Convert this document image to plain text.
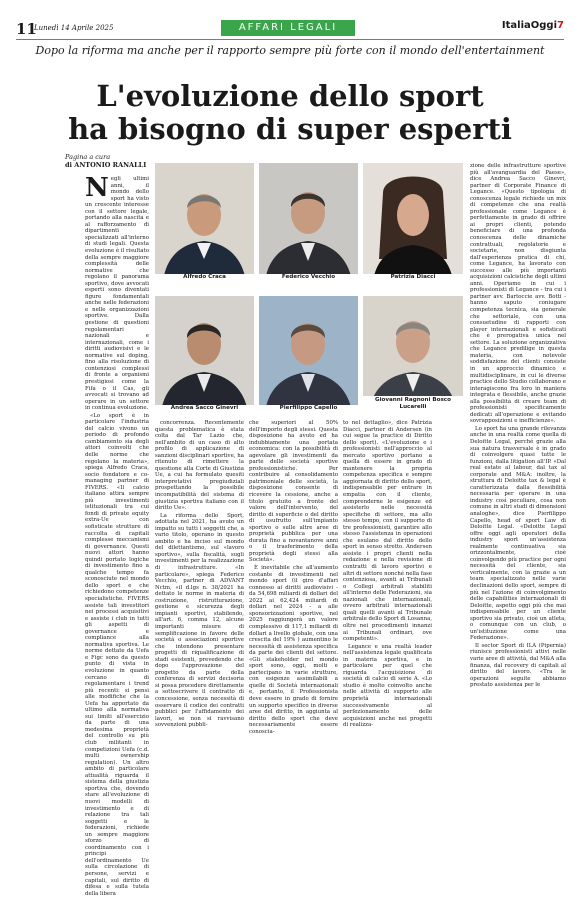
11
Lunedì 14 Aprile 2025	AFFARI LEGALI	ItaliaOggi7
Dopo la riforma ma anche per il rapporto sempre più forte con il mondo dell'entertainment
L'evoluzione dello sport
ha bisogno di super esperti
Pagina a cura
di ANTONIO RANALLI
N egli ultimi anni, il mondo dello sport ha visto un crescente interesse con il settore legale, portando alla nascita e al rafforzamento di dipartimenti specializzati all'interno di studi legali. Questa evoluzione è il risultato della sempre maggiore complessità delle normative che regolano il panorama sportivo, dove avvocati esperti sono diventati figure fondamentali anche nelle federazioni e nelle organizzazioni sportive. Dalla gestione di questioni regolamentari nazionali e internazionali, come i diritti audiovisivi e le normative sul doping, fino alla risoluzione di contenziosi complessi di fronte a organismi prestigiosi come la Fifa o il Cas, gli avvocati si trovano ad operare in un settore in continua evoluzione.

«Lo sport è in particolare l'industria del calcio vivono un periodo di profondo cambiamento sia degli attori coinvolti che delle norme che regolano la materia», spiega Alfredo Craca, socio fondatore e co-managing partner di FIVERS. «Il calcio italiano attira sempre più investimenti istituzionali tra cui fondi di private equity extra-Ue con sofisticate strutture di raccolta di capitali complesse meccanismi di governance. Questi nuovi attori hanno quindi portato logiche di investimento fino a qualche tempo fa sconosciute nel mondo dello sport e che richiedono competenze specialistiche. FIVERS assiste tali investitori nei processi acquisitivi e assiste i club in tutti gli aspetti di governance e compliance alla normativa sportiva. Le norme dettate da Uefa e Figc sono da questo punto di vista in evoluzione in quanto cercano di regolamentare i trend più recenti: si pensi alle modifiche che la Uefa ha apportato da ultimo alla normativa sui limiti all'esercizio da parte di una medesima proprietà del controllo su più club militanti in competizioni Uefa (c.d. multi ownership regulation). Un altro ambito di particolare attualità riguarda il sistema della giustizia sportiva che, dovendo stare all'evoluzione di nuovi modelli di investimento e di relazione tra tali soggetti e le federazioni, richiede un sempre maggiore sforzo di coordinamento con i principi dell'ordinamento Ue sulla circolazione di persone, servizi e capitali, sul diritto di difesa e sulla tutela della libera

Alfredo Craca	Federico Vecchio	Patrizia Diacci
Andrea Sacco Ginevri	Pierfilippo Capello
Giovanni Ragnoni Bosco Lucarelli

concorrenza. Recentemente questa problematica è stata colta dal Tar Lazio che, nell'ambito di un caso di alto profilo di applicazione di sanzioni disciplinari sportive, ha ritenuto di rimettere la questione alla Corte di Giustizia Ue, a cui ha formulato quesiti interpretativi pregiudiziali prospettando la possibile incompatibilità del sistema di giustizia sportiva italiano con il diritto Ue».

La riforma dello Sport, adottata nel 2021, ha avuto un impatto su tutti i soggetti che, a vario titolo, operano in questo ambito e ha inciso sul mondo del dilettantismo, sul «lavoro sportivo», sulla fiscalità, sugli investimenti per la realizzazione di infrastrutture. «In particolare», spiega Federico Vecchio, partner di ADVANT Nctm, «il d.lgs n. 38/2021 ha dettato le norme in materia di costruzione, ristrutturazione, gestione e sicurezza degli impianti sportivi, stabilendo, all'art. 6, comma 12, alcune importanti misure di semplificazione in favore delle società o associazioni sportive che intendono presentare progetti di riqualificazione di stadi esistenti, prevedendo che dopo l'approvazione del progetto da parte della conferenza di servizi decisoria si possa procedere direttamente a sottoscrivere il contratto di concessione, senza necessità di osservare il codice dei contratti pubblici per l'affidamento dei lavori, se non si ravvisano sovvenzioni pubbli-

che superiori al 50% dell'importo degli stessi. Questa disposizione ha avuto ed ha indubbiamente una portata economica: con la possibilità di agevolare gli investimenti da parte delle società sportive professionistiche. Per contribuire al consolidamento patrimoniale delle società, la disposizione consente di ricevere la cessione, anche a titolo gratuito a fronte del valore dell'intervento, del diritto di superficie o del diritto di usufrutto sull'impianto sportivo o sulle altre aree di proprietà pubblica per una durata fino a novantanove anni o il trasferimento della proprietà degli stessi alla Società».

È inevitabile che all'aumento costante di investimenti nel mondo sport (il giro d'affari connesso ai diritti audiovisivi - da 54,698 miliardi di dollari del 2022 ai 62,424 miliardi di dollari nel 2024 - a alle sponsorizzazioni sportive, nel 2025 raggiungerà un valore complessivo di 117,1 miliardi di dollari a livello globale, con una crescita del 19% ) aumentino le necessità di assistenza specifica da parte dei clienti del settore. «Gli stakeholder nel mondo sport sono, oggi, molti e partecipano in varie strutture, con esigenze assimilabili a quelle di Società internazionali e, pertanto, il Professionista deve essere in grado di fornire un supporto specifico in diverse aree del diritto, in aggiunta al diritto dello sport che deve necessariamente essere conoscia-

to nel dettaglio», dice Patrizia Diacci, partner di Andersen (in cui segue la practice di Diritto dello sport). «L'evoluzione e i professionisti nell'approccio al mercato sportivo portano a quella di essere in grado di mantenere la propria competenza specifica e sempre aggiornata di diritto dello sport, indispensabile per entrare in empatia con il cliente, comprenderne le esigenze ed assisterlo nelle necessità specifiche di settore, ma allo stesso tempo, con il supporto di tre professionisti, garantire allo stesso l'assistenza in operazioni che esulano dal diritto dello sport in senso stretto. Andersen assiste i propri clienti nella redazione e nella revisione di contratti di lavoro sportivi e altri di settore nonché nella fase contenziosa, avanti ai Tribunali o Collegi arbitrali stabiliti all'interno delle Federazioni, sia nazionali che internazionali, ovvero arbitrati internazionali quali quelli avanti al Tribunale arbitrale dello Sport di Losanna, oltre nei procedimenti innanzi ai Tribunali ordinari, ove competenti».

Legance e una realtà leader nell'assistenza legale qualificata in materia sportiva, e in particolare per quel che riguarda l'acquisizione di società di calcio di serie A. «Lo studio è molto coinvolto anche nelle attività di supporto alle proprietà internazionali successivamente al perfezionamento delle acquisizioni anche nei progetti di realizza-

zione delle infrastrutture sportive più all'avanguardia del Paese», dice Andrea Sacco Ginevri, partner di Corporate Finance di Legance. «Questo tipologia di conoscenza legale richiede un mix di competenze che una realtà professionale come Legance è perfettamente in grado di offrire ai propri clienti, potendo beneficiare di una profonda conoscenza delle dinamiche contrattuali, regolatorie e societarie, non disgiunta dall'esperienza pratica di chi, come Legance, ha lavorato con successo alle più importanti acquisizioni calcistiche degli ultimi anni. Operiamo in cui i professionisti di Legance - tra cui i partner avv. Bartoccie avv. Botti - hanno saputo coniugare competenza tecnica, sia generale che settoriale, con una consuetudine di rapporti con player internazionali e sofisticati che è prerogativa unica nel settore. La soluzione organizzativa che Legance predilige in questa materia, con notevole soddisfazione dei clienti consiste in un approccio dinamico e multidisciplinare, in cui le diverse practice dello Studio collaborano e interagiscono fra loro in maniera integrata e flessibile, anche grazie alla possibilità di creare team di professionisti specificamente dedicati all'operazione e evitando sovrapposizioni e inefficienze».

Lo sport ha una grande rilevanza anche in una realtà come quella di Deloitte Legal, perché grazie alla sua natura trasversale è in grado di coinvolgere quasi tutte le funzioni, dalla litigation all'IP. «Dal real estate al labour, dal tax al corporate and M&A: inoltre, la struttura di Deloitte tax & legal è caratterizzata dalla flessibilità necessaria per operare in una industry così peculiare, cosa non comune in altri studi di dimensioni analoghe», dice Pierfilippo Capello, head of sport Law di Deloitte Legal. «Deloitte Legal offre oggi agli operatori della industry sport un'assistenza realmente continuativa sia orizzontalmente, cioè coinvolgendo più practice per ogni necessità del cliente, sia verticalmente, con la grazie a un team specializzato nelle varie declinazioni dello sport, sempre di più nel l'azione di coinvolgimento delle capabilities internazionali di Deloitte, aspetto oggi più che mai indispensabile per un cliente sportivo sia privato, cioè un atleta, o comunque con un club, o un'istituzione come una Federazione».

Il sector Sport di ILA (Pipernia) riunisce professionisti attivi nelle varie aree di attività, dal M&A alla finanza, dal recovery di capitali al diritto del lavoro. «Tra le operazioni seguite abbiamo prestato assistenza per le
